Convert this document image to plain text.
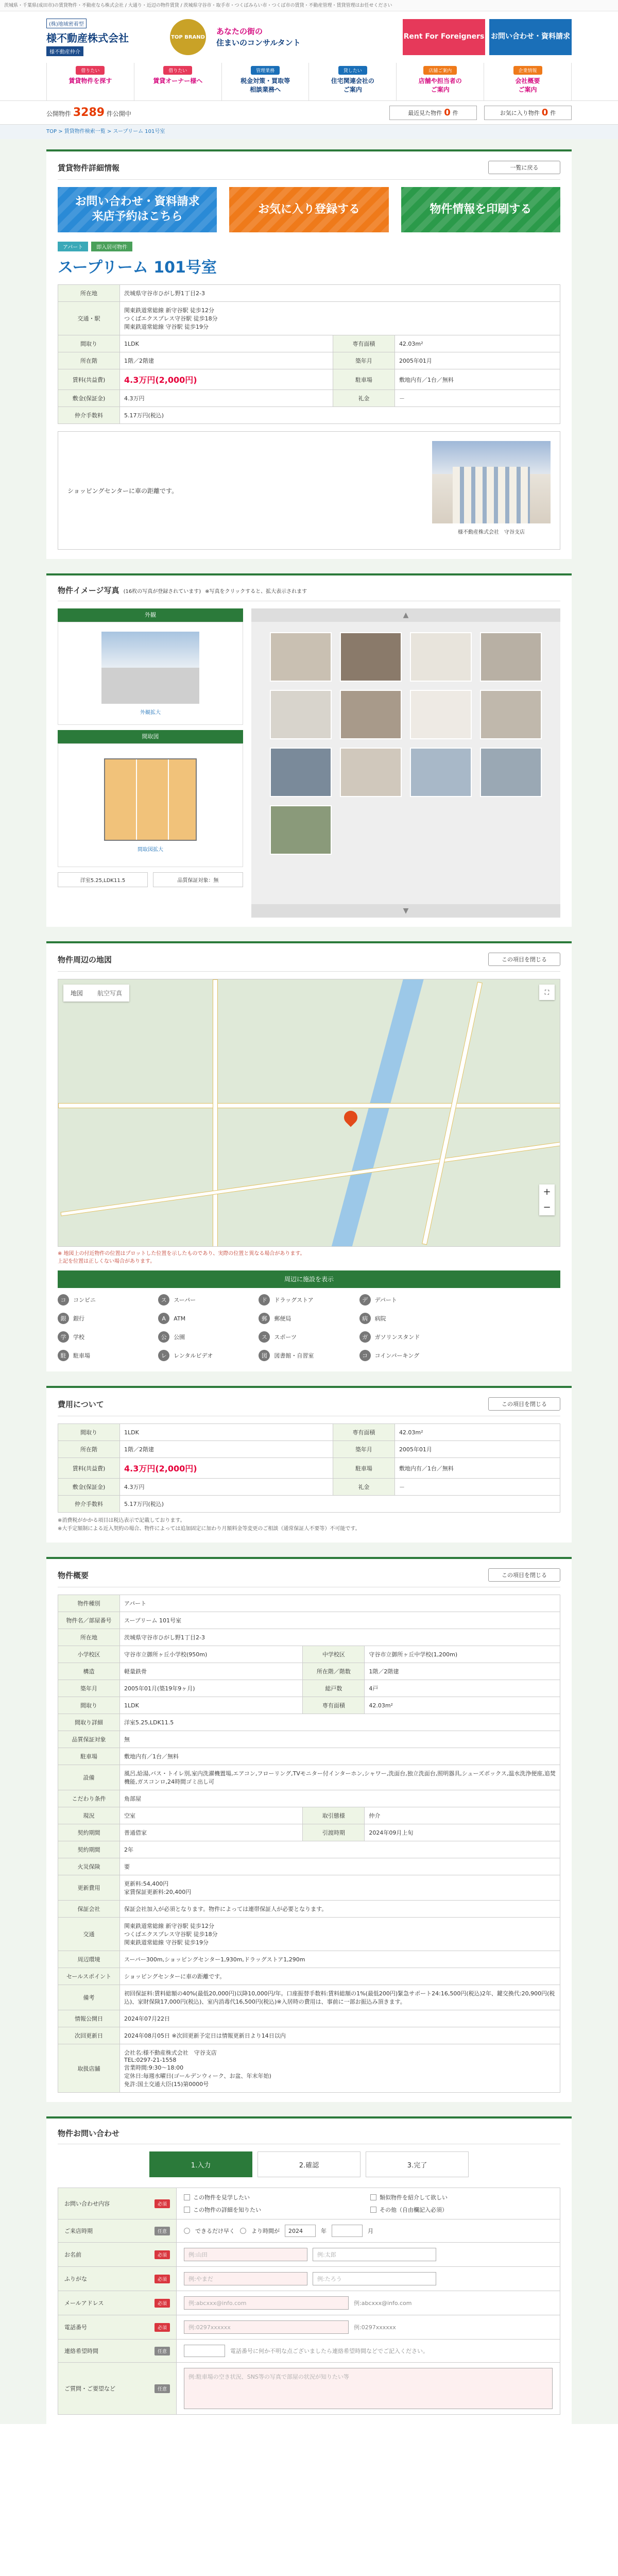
茨城県・千葉県(成田市)の賃貸物件・不動産なら株式会社 / 大通り・近辺の物件賃貸 / 茨城県守谷市・取手市・つくばみらい市・つくば市の賃貸・不動産管理・賃貸管理はお任せください
(株)地域密着型
様不動産株式会社
様不動産仲介
TOP BRAND
あなたの街の
住まいのコンサルタント
Rent For Foreigners お問い合わせ・資料請求
借りたい
賃貸物件を探す
借りたい
賃貸オーナー様へ
管理業務
税金対策・買取等
相談業務へ
貸したい
住宅関連会社の
ご案内
店舗ご案内
店舗や担当者の
ご案内
企業情報
会社概要
ご案内
公開物件 3289 件公開中	最近見た物件 0 件	お気に入り物件 0 件
TOP > 賃貸物件検索一覧 > スープリーム 101号室
賃貸物件詳細情報	一覧に戻る
お問い合わせ・資料請求
来店予約はこちら
お気に入り登録する	物件情報を印刷する
アパート	即入居可物件
スープリーム 101号室
所在地	茨城県守谷市ひがし野1丁目2-3		
交通・駅	関東鉄道常総線 新守谷駅 徒歩12分
つくばエクスプレス守谷駅 徒歩18分
関東鉄道常総線 守谷駅 徒歩19分		
間取り	1LDK	専有面積	42.03m²
所在階	1階／2階建	築年月	2005年01月
賃料(共益費)	4.3万円(2,000円)	駐車場	敷地内有／1台／無料
敷金(保証金)	4.3万円	礼金	－
仲介手数料	5.17万円(税込)		
ショッピングセンターに車の距離です。
様不動産株式会社　守谷支店
物件イメージ写真 (16枚の写真が登録されています) ※写真をクリックすると、拡大表示されます
外観
外観拡大
間取図
間取図拡大
洋室5.25,LDK11.5	品質保証対象：無
▲
▼
物件周辺の地図	この項目を閉じる
地図	航空写真	⛶
+
−
※ 地図上の付近物件の位置はプロットした位置を示したものであり、実際の位置と異なる場合があります。
上記を位置は正しくない場合があります。
周辺に施設を表示
コ	コンビニ	ス	スーパー	ド	ドラッグストア	デ	デパート
銀	銀行	A	ATM	郵	郵便局	病	病院
学	学校	公	公園	ス	スポーツ	ガ	ガソリンスタンド
駐	駐車場	レ	レンタルビデオ	図	図書館・自習室	コ	コインパーキング
費用について	この項目を閉じる
間取り	1LDK	専有面積	42.03m²
所在階	1階／2階建	築年月	2005年01月
賃料(共益費)	4.3万円(2,000円)	駐車場	敷地内有／1台／無料
敷金(保証金)	4.3万円	礼金	－
仲介手数料	5.17万円(税込)		
※消費税がかかる項目は税込表示で記載しております。
※大手定額制による近入契約の場合、物件によっては追加固定に加わり月額料金等変更のご相談（通常保証人不要等）不可能です。
物件概要	この項目を閉じる
物件種別	アパート		
物件名／部屋番号	スープリーム 101号室		
所在地	茨城県守谷市ひがし野1丁目2-3		
小学校区	守谷市立御所ヶ丘小学校(950m)	中学校区	守谷市立御所ヶ丘中学校(1,200m)
構造	軽量鉄骨	所在階／階数	1階／2階建
築年月	2005年01月(築19年9ヶ月)	総戸数	4戸
間取り	1LDK	専有面積	42.03m²
間取り詳細	洋室5.25,LDK11.5		
品質保証対象	無		
駐車場	敷地内有／1台／無料		
設備	風呂,給湯,バス・トイレ別,室内洗濯機置場,エアコン,フローリング,TVモニター付インターホン,シャワー,洗面台,独立洗面台,照明器具,シューズボックス,温水洗浄便座,追焚機能,ガスコンロ,24時間ゴミ出し可		
こだわり条件	角部屋		
現況	空室	取引態様	仲介
契約期間	普通借家	引渡時期	2024年09月上旬
契約期間	2年		
火災保険	要		
更新費用	更新料:54,400円
家賃保証更新料:20,400円		
保証会社	保証会社加入が必須となります。物件によっては連帯保証人が必要となります。		
交通	関東鉄道常総線 新守谷駅 徒歩12分
つくばエクスプレス守谷駅 徒歩18分
関東鉄道常総線 守谷駅 徒歩19分		
周辺環境	スーパー300m,ショッピングセンター1,930m,ドラッグストア1,290m		
セールスポイント	ショッピングセンターに車の距離です。		
備考	初回保証料:賃料総額の40%(最低20,000円)以降10,000円/年。口座振替手数料:賃料総額の1%(最低200円)緊急サポート24:16,500円(税込)2年、鍵交換代:20,900円(税込)、家財保険17,000円(税込)、室内消毒代16,500円(税込)※入居時の費用は、事前に一部お振込み頂きます。		
情報公開日	2024年07月22日		
次回更新日	2024年08月05日 ※次回更新予定日は情報更新日より14日以内		
取扱店舗	会社名:様不動産株式会社　守谷支店
TEL:0297-21-1558
営業時間:9:30～18:00
定休日:毎週水曜日(ゴールデンウィーク、お盆、年末年始)
免許:国土交通大臣(15)第0000号		
物件お問い合わせ
1.入力	2.確認	3.完了
お問い合わせ内容 必須	この物件を見学したい 類似物件を紹介して欲しい
この物件の詳細を知りたい その他（自由欄記入必須）

ご来店時期 任意	できるだけ早く より時間が 2024 年 月

お名前 必須	例:山田 例:太郎

ふりがな 必須	例:やまだ 例:たろう

メールアドレス 必須	例:abcxxx@info.com 例:abcxxx@info.com

電話番号 必須	例:0297xxxxxx 例:0297xxxxxx

連絡希望時間 任意	電話番号に何か不明な点ございましたら連絡希望時間などでご記入ください。

ご質問・ご要望など 任意	例:駐車場の空き状況、SNS等の写真で部屋の状況が知りたい等
